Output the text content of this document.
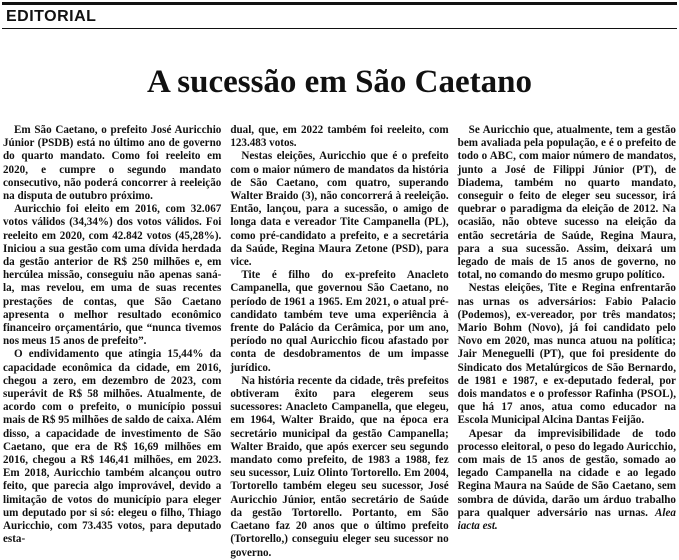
EDITORIAL
A sucessão em São Caetano

Em São Caetano, o prefeito José Auricchio Júnior (PSDB) está no último ano de governo do quarto mandato. Como foi reeleito em 2020, e cumpre o segundo mandato consecutivo, não poderá concorrer à reeleição na disputa de outubro próximo.

Auricchio foi eleito em 2016, com 32.067 votos válidos (34,34%) dos votos válidos. Foi reeleito em 2020, com 42.842 votos (45,28%). Iniciou a sua gestão com uma dívida herdada da gestão anterior de R$ 250 milhões e, em hercúlea missão, conseguiu não apenas saná-la, mas revelou, em uma de suas recentes prestações de contas, que São Caetano apresenta o melhor resultado econômico financeiro orçamentário, que “nunca tivemos nos meus 15 anos de prefeito”.

O endividamento que atingia 15,44% da capacidade econômica da cidade, em 2016, chegou a zero, em dezembro de 2023, com superávit de R$ 58 milhões. Atualmente, de acordo com o prefeito, o município possui mais de R$ 95 milhões de saldo de caixa. Além disso, a capacidade de investimento de São Caetano, que era de R$ 16,69 milhões em 2016, chegou a R$ 146,41 milhões, em 2023. Em 2018, Auricchio também alcançou outro feito, que parecia algo improvável, devido a limitação de votos do município para eleger um deputado por si só: elegeu o filho, Thiago Auricchio, com 73.435 votos, para deputado esta-

dual, que, em 2022 também foi reeleito, com 123.483 votos.

Nestas eleições, Auricchio que é o prefeito com o maior número de mandatos da história de São Caetano, com quatro, superando Walter Braido (3), não concorrerá à reeleição. Então, lançou, para a sucessão, o amigo de longa data e vereador Tite Campanella (PL), como pré-candidato a prefeito, e a secretária da Saúde, Regina Maura Zetone (PSD), para vice.

Tite é filho do ex-prefeito Anacleto Campanella, que governou São Caetano, no período de 1961 a 1965. Em 2021, o atual pré-candidato também teve uma experiência à frente do Palácio da Cerâmica, por um ano, período no qual Auricchio ficou afastado por conta de desdobramentos de um impasse jurídico.

Na história recente da cidade, três prefeitos obtiveram êxito para elegerem seus sucessores: Anacleto Campanella, que elegeu, em 1964, Walter Braido, que na época era secretário municipal da gestão Campanella; Walter Braido, que após exercer seu segundo mandato como prefeito, de 1983 a 1988, fez seu sucessor, Luiz Olinto Tortorello. Em 2004, Tortorello também elegeu seu sucessor, José Auricchio Júnior, então secretário de Saúde da gestão Tortorello. Portanto, em São Caetano faz 20 anos que o último prefeito (Tortorello,) conseguiu eleger seu sucessor no governo.

Se Auricchio que, atualmente, tem a gestão bem avaliada pela população, e é o prefeito de todo o ABC, com maior número de mandatos, junto a José de Filippi Júnior (PT), de Diadema, também no quarto mandato, conseguir o feito de eleger seu sucessor, irá quebrar o paradigma da eleição de 2012. Na ocasião, não obteve sucesso na eleição da então secretária de Saúde, Regina Maura, para a sua sucessão. Assim, deixará um legado de mais de 15 anos de governo, no total, no comando do mesmo grupo político.

Nestas eleições, Tite e Regina enfrentarão nas urnas os adversários: Fabio Palacio (Podemos), ex-vereador, por três mandatos; Mario Bohm (Novo), já foi candidato pelo Novo em 2020, mas nunca atuou na política; Jair Meneguelli (PT), que foi presidente do Sindicato dos Metalúrgicos de São Bernardo, de 1981 e 1987, e ex-deputado federal, por dois mandatos e o professor Rafinha (PSOL), que há 17 anos, atua como educador na Escola Municipal Alcina Dantas Feijão.

Apesar da imprevisibilidade de todo processo eleitoral, o peso do legado Auricchio, com mais de 15 anos de gestão, somado ao legado Campanella na cidade e ao legado Regina Maura na Saúde de São Caetano, sem sombra de dúvida, darão um árduo trabalho para qualquer adversário nas urnas. Alea iacta est.
